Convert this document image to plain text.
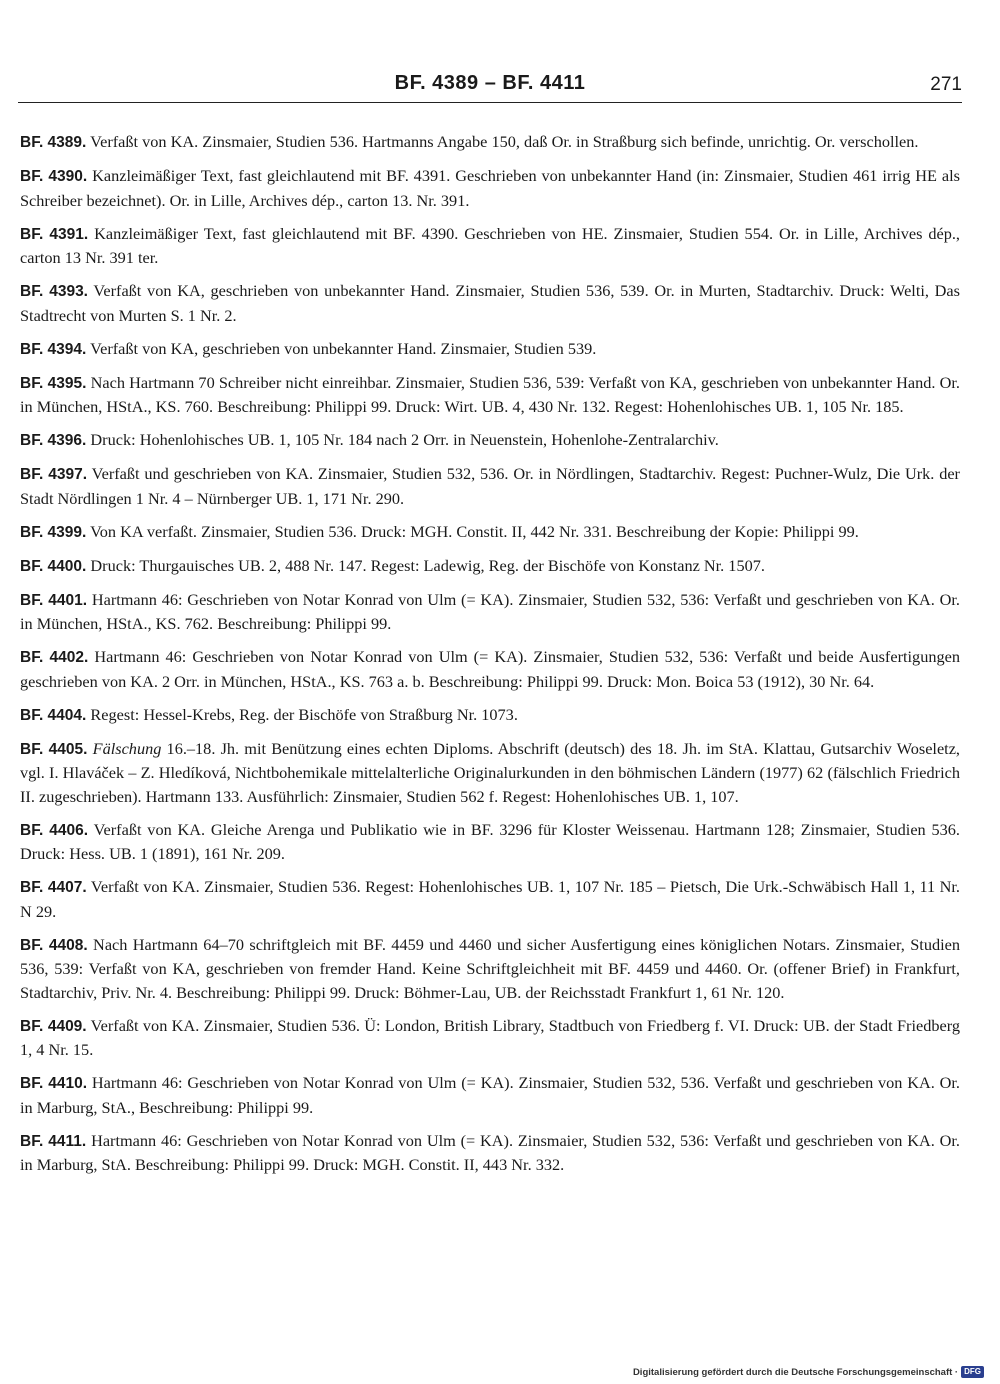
BF. 4389 – BF. 4411	271

BF. 4389. Verfaßt von KA. Zinsmaier, Studien 536. Hartmanns Angabe 150, daß Or. in Straßburg sich befinde, unrichtig. Or. verschollen.

BF. 4390. Kanzleimäßiger Text, fast gleichlautend mit BF. 4391. Geschrieben von unbekannter Hand (in: Zinsmaier, Studien 461 irrig HE als Schreiber bezeichnet). Or. in Lille, Archives dép., carton 13. Nr. 391.

BF. 4391. Kanzleimäßiger Text, fast gleichlautend mit BF. 4390. Geschrieben von HE. Zinsmaier, Studien 554. Or. in Lille, Archives dép., carton 13 Nr. 391 ter.

BF. 4393. Verfaßt von KA, geschrieben von unbekannter Hand. Zinsmaier, Studien 536, 539. Or. in Murten, Stadtarchiv. Druck: Welti, Das Stadtrecht von Murten S. 1 Nr. 2.

BF. 4394. Verfaßt von KA, geschrieben von unbekannter Hand. Zinsmaier, Studien 539.

BF. 4395. Nach Hartmann 70 Schreiber nicht einreihbar. Zinsmaier, Studien 536, 539: Verfaßt von KA, geschrieben von unbekannter Hand. Or. in München, HStA., KS. 760. Beschreibung: Philippi 99. Druck: Wirt. UB. 4, 430 Nr. 132. Regest: Hohenlohisches UB. 1, 105 Nr. 185.

BF. 4396. Druck: Hohenlohisches UB. 1, 105 Nr. 184 nach 2 Orr. in Neuenstein, Hohenlohe-Zentralarchiv.

BF. 4397. Verfaßt und geschrieben von KA. Zinsmaier, Studien 532, 536. Or. in Nördlingen, Stadtarchiv. Regest: Puchner-Wulz, Die Urk. der Stadt Nördlingen 1 Nr. 4 – Nürnberger UB. 1, 171 Nr. 290.

BF. 4399. Von KA verfaßt. Zinsmaier, Studien 536. Druck: MGH. Constit. II, 442 Nr. 331. Beschreibung der Kopie: Philippi 99.

BF. 4400. Druck: Thurgauisches UB. 2, 488 Nr. 147. Regest: Ladewig, Reg. der Bischöfe von Konstanz Nr. 1507.

BF. 4401. Hartmann 46: Geschrieben von Notar Konrad von Ulm (= KA). Zinsmaier, Studien 532, 536: Verfaßt und geschrieben von KA. Or. in München, HStA., KS. 762. Beschreibung: Philippi 99.

BF. 4402. Hartmann 46: Geschrieben von Notar Konrad von Ulm (= KA). Zinsmaier, Studien 532, 536: Verfaßt und beide Ausfertigungen geschrieben von KA. 2 Orr. in München, HStA., KS. 763 a. b. Beschreibung: Philippi 99. Druck: Mon. Boica 53 (1912), 30 Nr. 64.

BF. 4404. Regest: Hessel-Krebs, Reg. der Bischöfe von Straßburg Nr. 1073.

BF. 4405. Fälschung 16.–18. Jh. mit Benützung eines echten Diploms. Abschrift (deutsch) des 18. Jh. im StA. Klattau, Gutsarchiv Woseletz, vgl. I. Hlaváček – Z. Hledíková, Nichtbohemikale mittelalterliche Originalurkunden in den böhmischen Ländern (1977) 62 (fälschlich Friedrich II. zugeschrieben). Hartmann 133. Ausführlich: Zinsmaier, Studien 562 f. Regest: Hohenlohisches UB. 1, 107.

BF. 4406. Verfaßt von KA. Gleiche Arenga und Publikatio wie in BF. 3296 für Kloster Weissenau. Hartmann 128; Zinsmaier, Studien 536. Druck: Hess. UB. 1 (1891), 161 Nr. 209.

BF. 4407. Verfaßt von KA. Zinsmaier, Studien 536. Regest: Hohenlohisches UB. 1, 107 Nr. 185 – Pietsch, Die Urk.-Schwäbisch Hall 1, 11 Nr. N 29.

BF. 4408. Nach Hartmann 64–70 schriftgleich mit BF. 4459 und 4460 und sicher Ausfertigung eines königlichen Notars. Zinsmaier, Studien 536, 539: Verfaßt von KA, geschrieben von fremder Hand. Keine Schriftgleichheit mit BF. 4459 und 4460. Or. (offener Brief) in Frankfurt, Stadtarchiv, Priv. Nr. 4. Beschreibung: Philippi 99. Druck: Böhmer-Lau, UB. der Reichsstadt Frankfurt 1, 61 Nr. 120.

BF. 4409. Verfaßt von KA. Zinsmaier, Studien 536. Ü: London, British Library, Stadtbuch von Friedberg f. VI. Druck: UB. der Stadt Friedberg 1, 4 Nr. 15.

BF. 4410. Hartmann 46: Geschrieben von Notar Konrad von Ulm (= KA). Zinsmaier, Studien 532, 536. Verfaßt und geschrieben von KA. Or. in Marburg, StA., Beschreibung: Philippi 99.

BF. 4411. Hartmann 46: Geschrieben von Notar Konrad von Ulm (= KA). Zinsmaier, Studien 532, 536: Verfaßt und geschrieben von KA. Or. in Marburg, StA. Beschreibung: Philippi 99. Druck: MGH. Constit. II, 443 Nr. 332.

Digitalisierung gefördert durch die Deutsche Forschungsgemeinschaft · DFG
